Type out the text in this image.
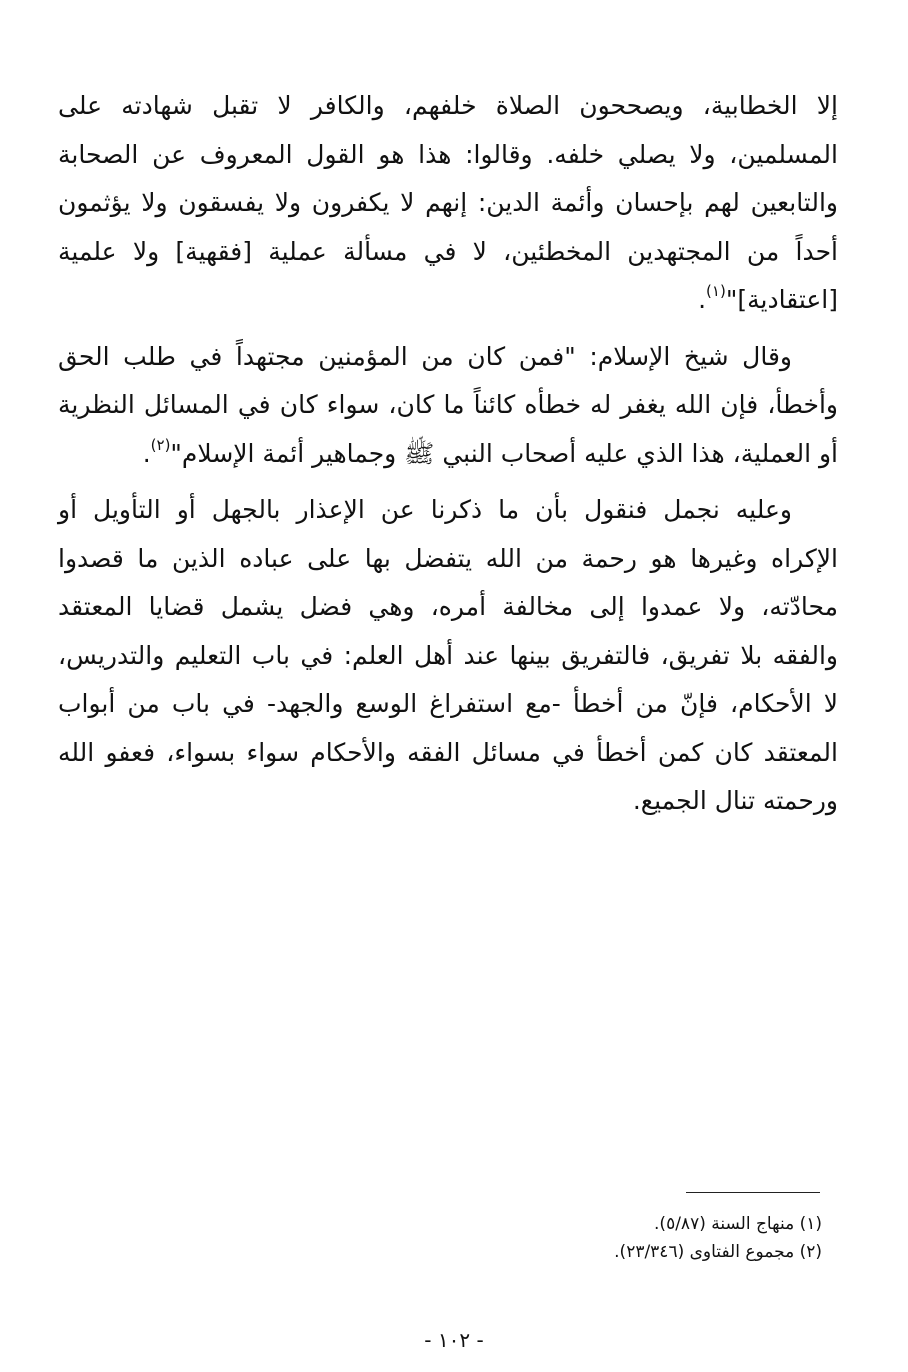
إلا الخطابية، ويصححون الصلاة خلفهم، والكافر لا تقبل شهادته على
المسلمين، ولا يصلي خلفه. وقالوا: هذا هو القول المعروف عن الصحابة
والتابعين لهم بإحسان وأئمة الدين: إنهم لا يكفرون ولا يفسقون ولا يؤثمون
أحداً من المجتهدين المخطئين، لا في مسألة عملية [فقهية] ولا علمية
[اعتقادية]"$^{(١)}$.

وقال شيخ الإسلام: "فمن كان من المؤمنين مجتهداً في طلب الحق
وأخطأ، فإن الله يغفر له خطأه كائناً ما كان، سواء كان في المسائل النظرية
أو العملية، هذا الذي عليه أصحاب النبي ﷺ وجماهير أئمة الإسلام"$^{(٢)}$.

وعليه نجمل فنقول بأن ما ذكرنا عن الإعذار بالجهل أو التأويل أو
الإكراه وغيرها هو رحمة من الله يتفضل بها على عباده الذين ما قصدوا
محادّته، ولا عمدوا إلى مخالفة أمره، وهي فضل يشمل قضايا المعتقد
والفقه بلا تفريق، فالتفريق بينها عند أهل العلم: في باب التعليم والتدريس،
لا الأحكام، فإنّ من أخطأ -مع استفراغ الوسع والجهد- في باب من أبواب
المعتقد كان كمن أخطأ في مسائل الفقه والأحكام سواء بسواء، فعفو الله
ورحمته تنال الجميع.

(١) منهاج السنة (٥/٨٧).
(٢) مجموع الفتاوى (٢٣/٣٤٦).
- ١٠٢ -
